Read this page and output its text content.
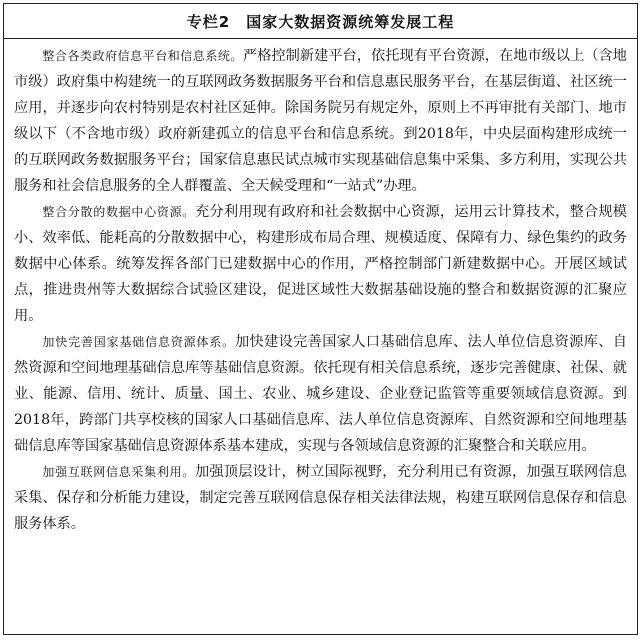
专栏2　国家大数据资源统筹发展工程

整合各类政府信息平台和信息系统。严格控制新建平台，依托现有平台资源，在地市级以上（含地市级）政府集中构建统一的互联网政务数据服务平台和信息惠民服务平台，在基层街道、社区统一应用，并逐步向农村特别是农村社区延伸。除国务院另有规定外，原则上不再审批有关部门、地市级以下（不含地市级）政府新建孤立的信息平台和信息系统。到2018年，中央层面构建形成统一的互联网政务数据服务平台；国家信息惠民试点城市实现基础信息集中采集、多方利用，实现公共服务和社会信息服务的全人群覆盖、全天候受理和“一站式”办理。

整合分散的数据中心资源。充分利用现有政府和社会数据中心资源，运用云计算技术，整合规模小、效率低、能耗高的分散数据中心，构建形成布局合理、规模适度、保障有力、绿色集约的政务数据中心体系。统筹发挥各部门已建数据中心的作用，严格控制部门新建数据中心。开展区域试点，推进贵州等大数据综合试验区建设，促进区域性大数据基础设施的整合和数据资源的汇聚应用。

加快完善国家基础信息资源体系。加快建设完善国家人口基础信息库、法人单位信息资源库、自然资源和空间地理基础信息库等基础信息资源。依托现有相关信息系统，逐步完善健康、社保、就业、能源、信用、统计、质量、国土、农业、城乡建设、企业登记监管等重要领域信息资源。到2018年，跨部门共享校核的国家人口基础信息库、法人单位信息资源库、自然资源和空间地理基础信息库等国家基础信息资源体系基本建成，实现与各领域信息资源的汇聚整合和关联应用。

加强互联网信息采集利用。加强顶层设计，树立国际视野，充分利用已有资源，加强互联网信息采集、保存和分析能力建设，制定完善互联网信息保存相关法律法规，构建互联网信息保存和信息服务体系。
